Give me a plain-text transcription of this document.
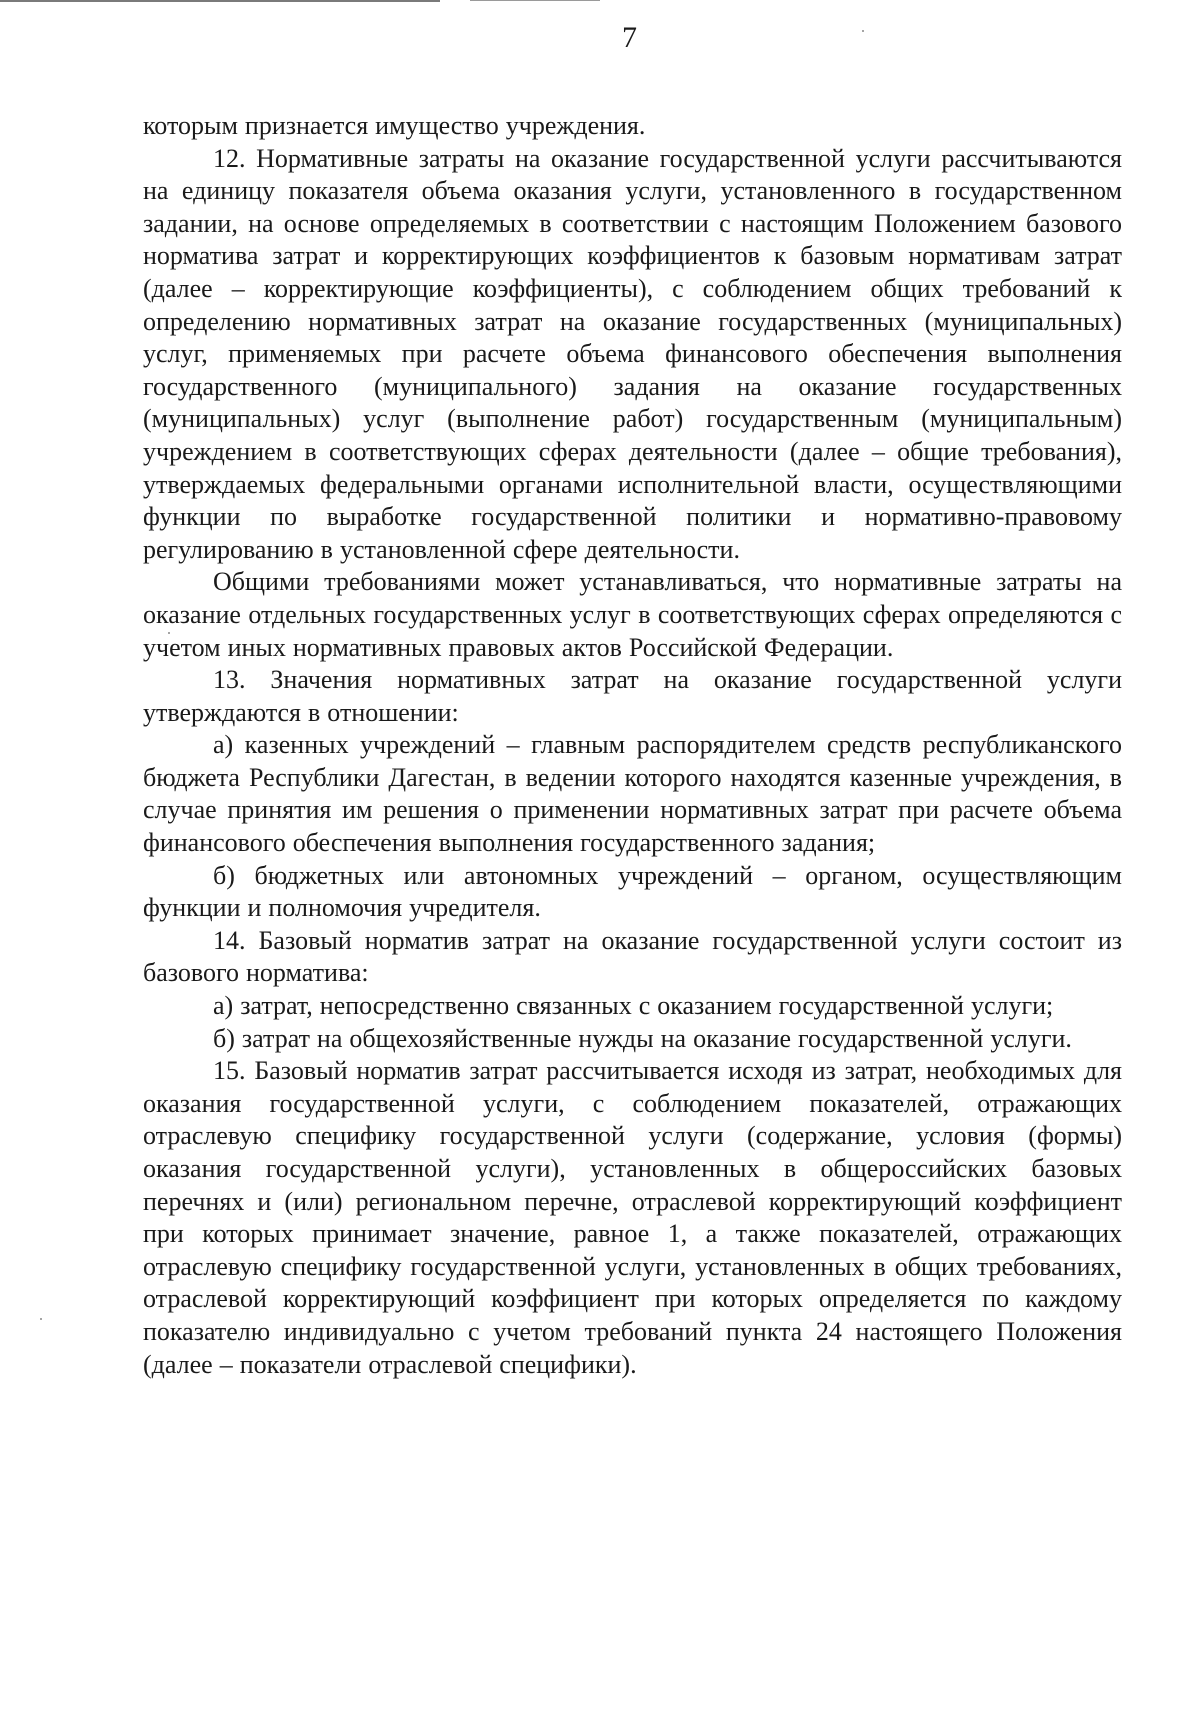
7

которым признается имущество учреждения.

12. Нормативные затраты на оказание государственной услуги рассчитываются на единицу показателя объема оказания услуги, установленного в государственном задании, на основе определяемых в соответствии с настоящим Положением базового норматива затрат и корректирующих коэффициентов к базовым нормативам затрат (далее – корректирующие коэффициенты), с соблюдением общих требований к определению нормативных затрат на оказание государственных (муниципальных) услуг, применяемых при расчете объема финансового обеспечения выполнения государственного (муниципального) задания на оказание государственных (муниципальных) услуг (выполнение работ) государственным (муниципальным) учреждением в соответствующих сферах деятельности (далее – общие требования), утверждаемых федеральными органами исполнительной власти, осуществляющими функции по выработке государственной политики и нормативно-правовому регулированию в установленной сфере деятельности.

Общими требованиями может устанавливаться, что нормативные затраты на оказание отдельных государственных услуг в соответствующих сферах определяются с учетом иных нормативных правовых актов Российской Федерации.

13. Значения нормативных затрат на оказание государственной услуги утверждаются в отношении:

а) казенных учреждений – главным распорядителем средств республиканского бюджета Республики Дагестан, в ведении которого находятся казенные учреждения, в случае принятия им решения о применении нормативных затрат при расчете объема финансового обеспечения выполнения государственного задания;

б) бюджетных или автономных учреждений – органом, осуществляющим функции и полномочия учредителя.

14. Базовый норматив затрат на оказание государственной услуги состоит из базового норматива:

а) затрат, непосредственно связанных с оказанием государственной услуги;

б) затрат на общехозяйственные нужды на оказание государственной услуги.

15. Базовый норматив затрат рассчитывается исходя из затрат, необходимых для оказания государственной услуги, с соблюдением показателей, отражающих отраслевую специфику государственной услуги (содержание, условия (формы) оказания государственной услуги), установленных в общероссийских базовых перечнях и (или) региональном перечне, отраслевой корректирующий коэффициент при которых принимает значение, равное 1, а также показателей, отражающих отраслевую специфику государственной услуги, установленных в общих требованиях, отраслевой корректирующий коэффициент при которых определяется по каждому показателю индивидуально с учетом требований пункта 24 настоящего Положения (далее – показатели отраслевой специфики).
